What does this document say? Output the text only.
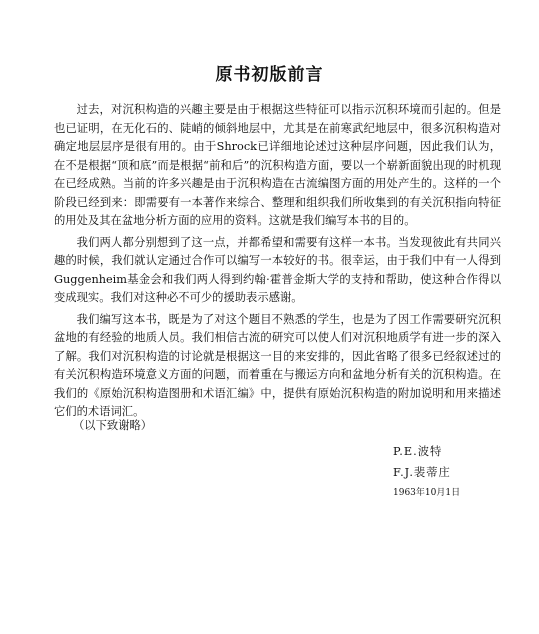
原书初版前言

过去，对沉积构造的兴趣主要是由于根据这些特征可以指示沉积环境而引起的。但是也已证明，在无化石的、陡峭的倾斜地层中，尤其是在前寒武纪地层中，很多沉积构造对确定地层层序是很有用的。由于Shrock已详细地论述过这种层序问题，因此我们认为，在不是根据“顶和底”而是根据“前和后”的沉积构造方面，要以一个崭新面貌出现的时机现在已经成熟。当前的许多兴趣是由于沉积构造在古流编图方面的用处产生的。这样的一个阶段已经到来：即需要有一本著作来综合、整理和组织我们所收集到的有关沉积指向特征的用处及其在盆地分析方面的应用的资料。这就是我们编写本书的目的。

我们两人都分别想到了这一点，并都希望和需要有这样一本书。当发现彼此有共同兴趣的时候，我们就认定通过合作可以编写一本较好的书。很幸运，由于我们中有一人得到Guggenheim基金会和我们两人得到约翰·霍普金斯大学的支持和帮助，使这种合作得以变成现实。我们对这种必不可少的援助表示感谢。

我们编写这本书，既是为了对这个题目不熟悉的学生，也是为了因工作需要研究沉积盆地的有经验的地质人员。我们相信古流的研究可以使人们对沉积地质学有进一步的深入了解。我们对沉积构造的讨论就是根据这一目的来安排的，因此省略了很多已经叙述过的有关沉积构造环境意义方面的问题，而着重在与搬运方向和盆地分析有关的沉积构造。在我们的《原始沉积构造图册和术语汇编》中，提供有原始沉积构造的附加说明和用来描述它们的术语词汇。

（以下致谢略）
P.E.波特
F.J.裴蒂庄
1963年10月1日
